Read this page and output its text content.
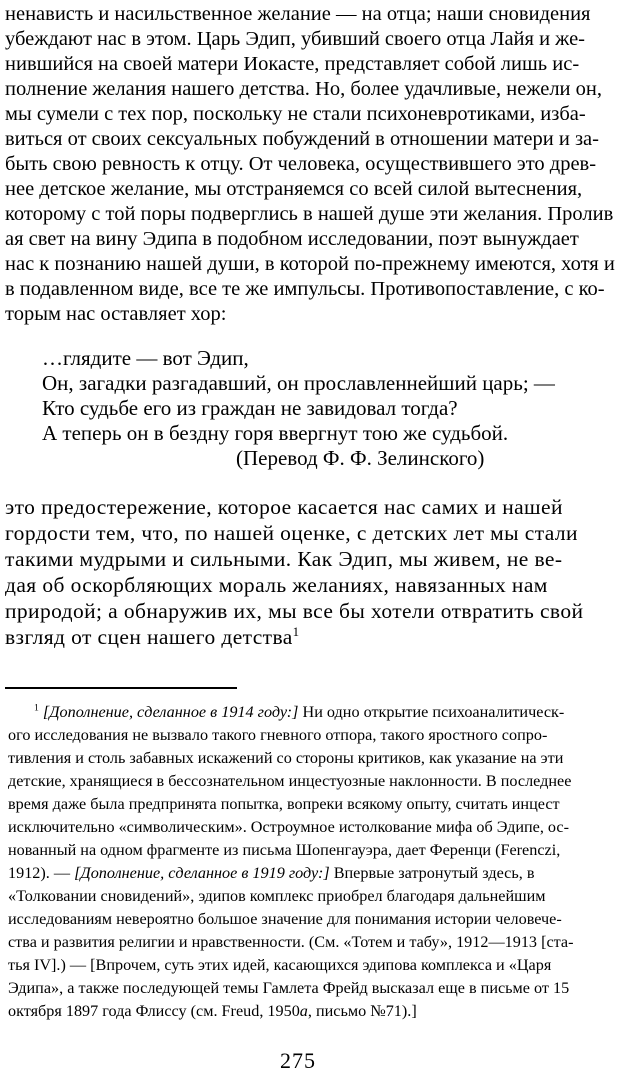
ненависть и насильственное желание — на отца; наши сновидения
убеждают нас в этом. Царь Эдип, убивший своего отца Лайя и же-
нившийся на своей матери Иокасте, представляет собой лишь ис-
полнение желания нашего детства. Но, более удачливые, нежели он,
мы сумели с тех пор, поскольку не стали психоневротиками, изба-
виться от своих сексуальных побуждений в отношении матери и за-
быть свою ревность к отцу. От человека, осуществившего это древ-
нее детское желание, мы отстраняемся со всей силой вытеснения,
которому с той поры подверглись в нашей душе эти желания. Пролив
ая свет на вину Эдипа в подобном исследовании, поэт вынуждает
нас к познанию нашей души, в которой по-прежнему имеются, хотя и
в подавленном виде, все те же импульсы. Противопоставление, с ко-
торым нас оставляет хор:
…глядите — вот Эдип,
Он, загадки разгадавший, он прославленнейший царь; —
Кто судьбе его из граждан не завидовал тогда?
А теперь он в бездну горя ввергнут тою же судьбой.
(Перевод Ф. Ф. Зелинского)
это предостережение, которое касается нас самих и нашей
гордости тем, что, по нашей оценке, с детских лет мы стали
такими мудрыми и сильными. Как Эдип, мы живем, не ве-
дая об оскорбляющих мораль желаниях, навязанных нам
природой; а обнаружив их, мы все бы хотели отвратить свой
взгляд от сцен нашего детства$^1$
$^1$ [Дополнение, сделанное в 1914 году:] Ни одно открытие психоаналитическ-
ого исследования не вызвало такого гневного отпора, такого яростного сопро-
тивления и столь забавных искажений со стороны критиков, как указание на эти
детские, хранящиеся в бессознательном инцестуозные наклонности. В последнее
время даже была предпринята попытка, вопреки всякому опыту, считать инцест
исключительно «символическим». Остроумное истолкование мифа об Эдипе, ос-
нованный на одном фрагменте из письма Шопенгауэра, дает Ференци (Ferenczi,
1912). — [Дополнение, сделанное в 1919 году:] Впервые затронутый здесь, в
«Толковании сновидений», эдипов комплекс приобрел благодаря дальнейшим
исследованиям невероятно большое значение для понимания истории человече-
ства и развития религии и нравственности. (См. «Тотем и табу», 1912—1913 [ста-
тья IV].) — [Впрочем, суть этих идей, касающихся эдипова комплекса и «Царя
Эдипа», а также последующей темы Гамлета Фрейд высказал еще в письме от 15
октября 1897 года Флиссу (см. Freud, 1950a, письмо №71).]
275
